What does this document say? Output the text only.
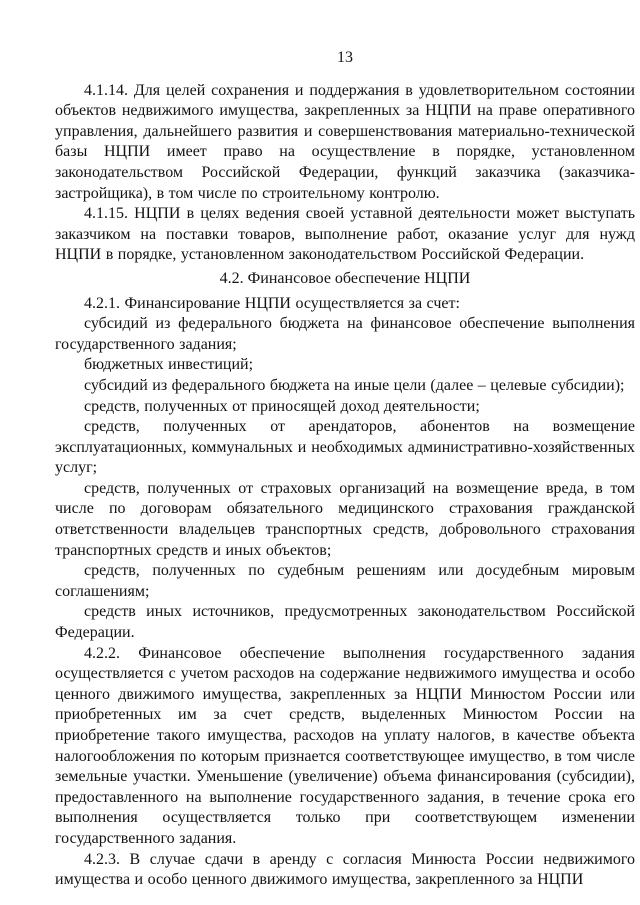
13

4.1.14. Для целей сохранения и поддержания в удовлетворительном состоянии объектов недвижимого имущества, закрепленных за НЦПИ на праве оперативного управления, дальнейшего развития и совершенствования материально-технической базы НЦПИ имеет право на осуществление в порядке, установленном законодательством Российской Федерации, функций заказчика (заказчика-застройщика), в том числе по строительному контролю.

4.1.15. НЦПИ в целях ведения своей уставной деятельности может выступать заказчиком на поставки товаров, выполнение работ, оказание услуг для нужд НЦПИ в порядке, установленном законодательством Российской Федерации.

4.2. Финансовое обеспечение НЦПИ

4.2.1. Финансирование НЦПИ осуществляется за счет:

субсидий из федерального бюджета на финансовое обеспечение выполнения государственного задания;

бюджетных инвестиций;

субсидий из федерального бюджета на иные цели (далее – целевые субсидии);

средств, полученных от приносящей доход деятельности;

средств, полученных от арендаторов, абонентов на возмещение эксплуатационных, коммунальных и необходимых административно-хозяйственных услуг;

средств, полученных от страховых организаций на возмещение вреда, в том числе по договорам обязательного медицинского страхования гражданской ответственности владельцев транспортных средств, добровольного страхования транспортных средств и иных объектов;

средств, полученных по судебным решениям или досудебным мировым соглашениям;

средств иных источников, предусмотренных законодательством Российской Федерации.

4.2.2. Финансовое обеспечение выполнения государственного задания осуществляется с учетом расходов на содержание недвижимого имущества и особо ценного движимого имущества, закрепленных за НЦПИ Минюстом России или приобретенных им за счет средств, выделенных Минюстом России на приобретение такого имущества, расходов на уплату налогов, в качестве объекта налогообложения по которым признается соответствующее имущество, в том числе земельные участки. Уменьшение (увеличение) объема финансирования (субсидии), предоставленного на выполнение государственного задания, в течение срока его выполнения осуществляется только при соответствующем изменении государственного задания.

4.2.3. В случае сдачи в аренду с согласия Минюста России недвижимого имущества и особо ценного движимого имущества, закрепленного за НЦПИ
